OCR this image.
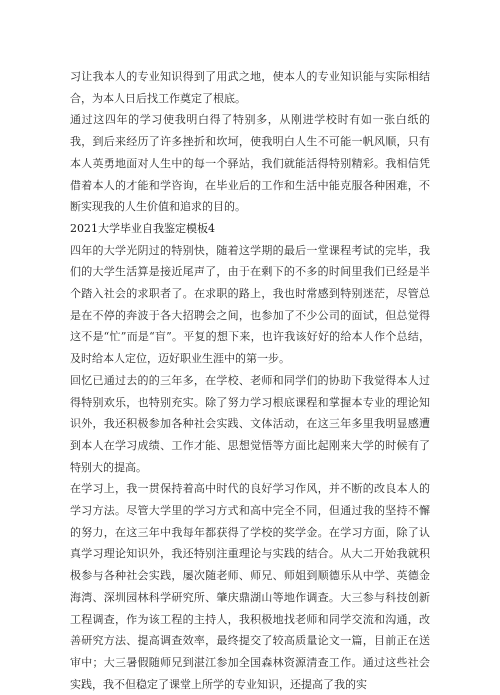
习让我本人的专业知识得到了用武之地，使本人的专业知识能与实际相结合，为本人日后找工作奠定了根底。

通过这四年的学习使我明白得了特别多，从刚进学校时有如一张白纸的我，到后来经历了许多挫折和坎坷，使我明白人生不可能一帆风顺，只有本人英勇地面对人生中的每一个驿站，我们就能活得特别精彩。我相信凭借着本人的才能和学咨询，在毕业后的工作和生活中能克服各种困难，不断实现我的人生价值和追求的目的。

2021大学毕业自我鉴定模板4

四年的大学光阴过的特别快，随着这学期的最后一堂课程考试的完毕，我们的大学生活算是接近尾声了，由于在剩下的不多的时间里我们已经是半个踏入社会的求职者了。在求职的路上，我也时常感到特别迷茫，尽管总是在不停的奔波于各大招聘会之间，也参加了不少公司的面试，但总觉得这不是“忙”而是“盲”。平复的想下来，也许我该好好的给本人作个总结，及时给本人定位，迈好职业生涯中的第一步。

回忆已通过去的的三年多，在学校、老师和同学们的协助下我觉得本人过得特别欢乐，也特别充实。除了努力学习根底课程和掌握本专业的理论知识外，我还积极参加各种社会实践、文体活动，在这三年多里我明显感遭到本人在学习成绩、工作才能、思想觉悟等方面比起刚来大学的时候有了特别大的提高。

在学习上，我一贯保持着高中时代的良好学习作风，并不断的改良本人的学习方法。尽管大学里的学习方式和高中完全不同，但通过我的坚持不懈的努力，在这三年中我每年都获得了学校的奖学金。在学习方面，除了认真学习理论知识外，我还特别注重理论与实践的结合。从大二开始我就积极参与各种社会实践，屡次随老师、师兄、师姐到顺德乐从中学、英德金海湾、深圳园林科学研究所、肇庆鼎湖山等地作调查。大三参与科技创新工程调查，作为该工程的主持人，我积极地找老师和同学交流和沟通，改善研究方法、提高调查效率，最终提交了较高质量论文一篇，目前正在送审中；大三暑假随师兄到湛江参加全国森林资源清查工作。通过这些社会实践，我不但稳定了课堂上所学的专业知识，还提高了我的实
